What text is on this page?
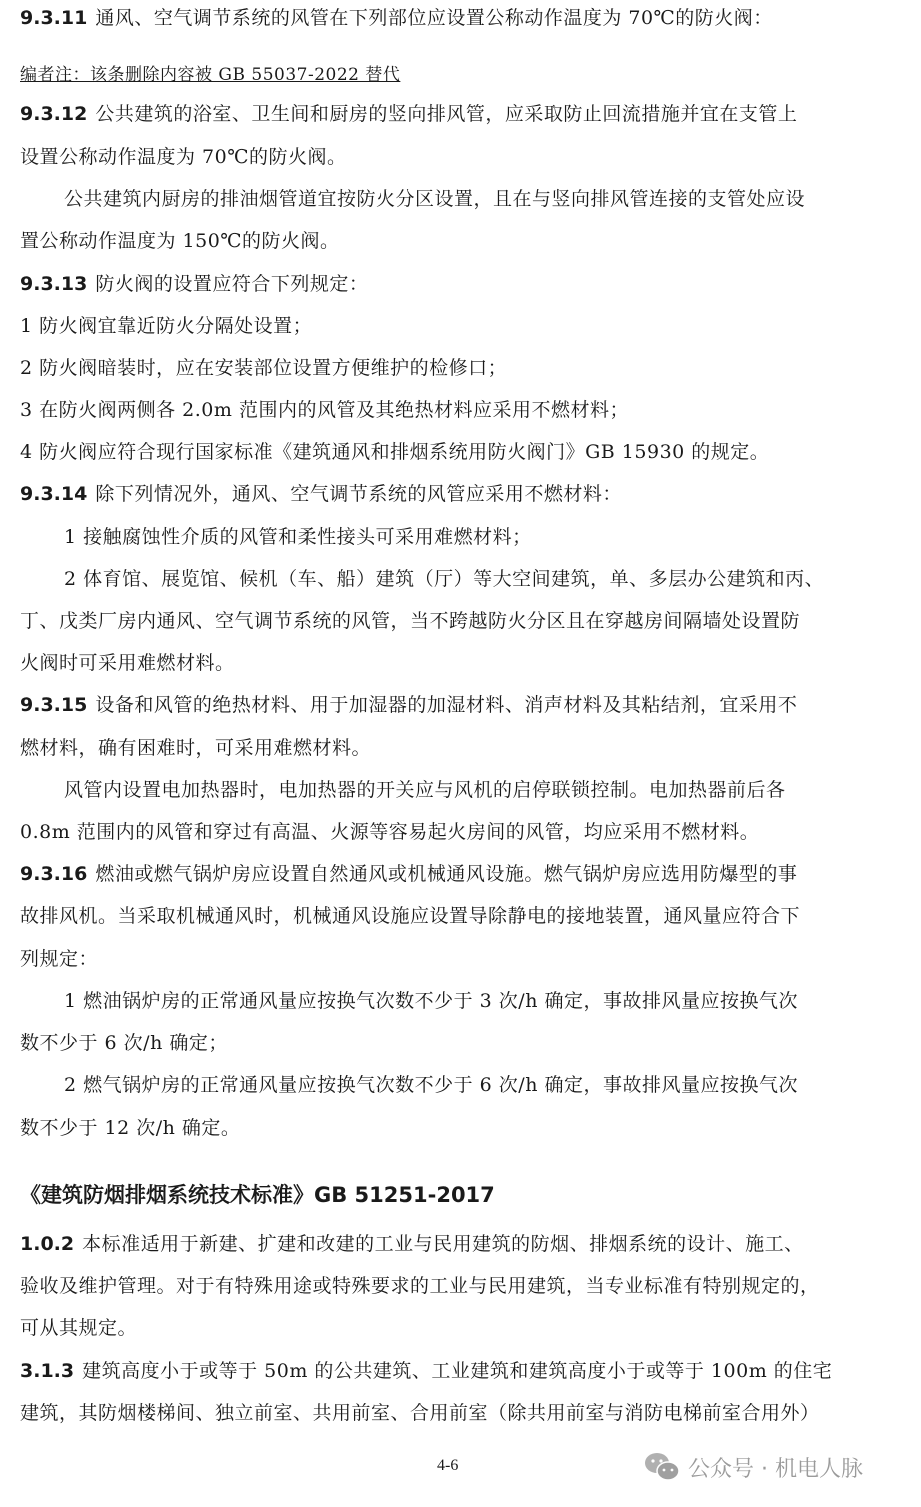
9.3.11 通风、空气调节系统的风管在下列部位应设置公称动作温度为 70℃的防火阀：
编者注：该条删除内容被 GB 55037-2022 替代
9.3.12 公共建筑的浴室、卫生间和厨房的竖向排风管，应采取防止回流措施并宜在支管上
设置公称动作温度为 70℃的防火阀。
公共建筑内厨房的排油烟管道宜按防火分区设置，且在与竖向排风管连接的支管处应设
置公称动作温度为 150℃的防火阀。
9.3.13 防火阀的设置应符合下列规定：
1 防火阀宜靠近防火分隔处设置；
2 防火阀暗装时，应在安装部位设置方便维护的检修口；
3 在防火阀两侧各 2.0m 范围内的风管及其绝热材料应采用不燃材料；
4 防火阀应符合现行国家标准《建筑通风和排烟系统用防火阀门》GB 15930 的规定。
9.3.14 除下列情况外，通风、空气调节系统的风管应采用不燃材料：
1 接触腐蚀性介质的风管和柔性接头可采用难燃材料；
2 体育馆、展览馆、候机（车、船）建筑（厅）等大空间建筑，单、多层办公建筑和丙、
丁、戊类厂房内通风、空气调节系统的风管，当不跨越防火分区且在穿越房间隔墙处设置防
火阀时可采用难燃材料。
9.3.15 设备和风管的绝热材料、用于加湿器的加湿材料、消声材料及其粘结剂，宜采用不
燃材料，确有困难时，可采用难燃材料。
风管内设置电加热器时，电加热器的开关应与风机的启停联锁控制。电加热器前后各
0.8m 范围内的风管和穿过有高温、火源等容易起火房间的风管，均应采用不燃材料。
9.3.16 燃油或燃气锅炉房应设置自然通风或机械通风设施。燃气锅炉房应选用防爆型的事
故排风机。当采取机械通风时，机械通风设施应设置导除静电的接地装置，通风量应符合下
列规定：
1 燃油锅炉房的正常通风量应按换气次数不少于 3 次/h 确定，事故排风量应按换气次
数不少于 6 次/h 确定；
2 燃气锅炉房的正常通风量应按换气次数不少于 6 次/h 确定，事故排风量应按换气次
数不少于 12 次/h 确定。
《建筑防烟排烟系统技术标准》GB 51251-2017
1.0.2 本标准适用于新建、扩建和改建的工业与民用建筑的防烟、排烟系统的设计、施工、
验收及维护管理。对于有特殊用途或特殊要求的工业与民用建筑，当专业标准有特别规定的，
可从其规定。
3.1.3 建筑高度小于或等于 50m 的公共建筑、工业建筑和建筑高度小于或等于 100m 的住宅
建筑，其防烟楼梯间、独立前室、共用前室、合用前室（除共用前室与消防电梯前室合用外）
4-6	公众号 · 机电人脉
